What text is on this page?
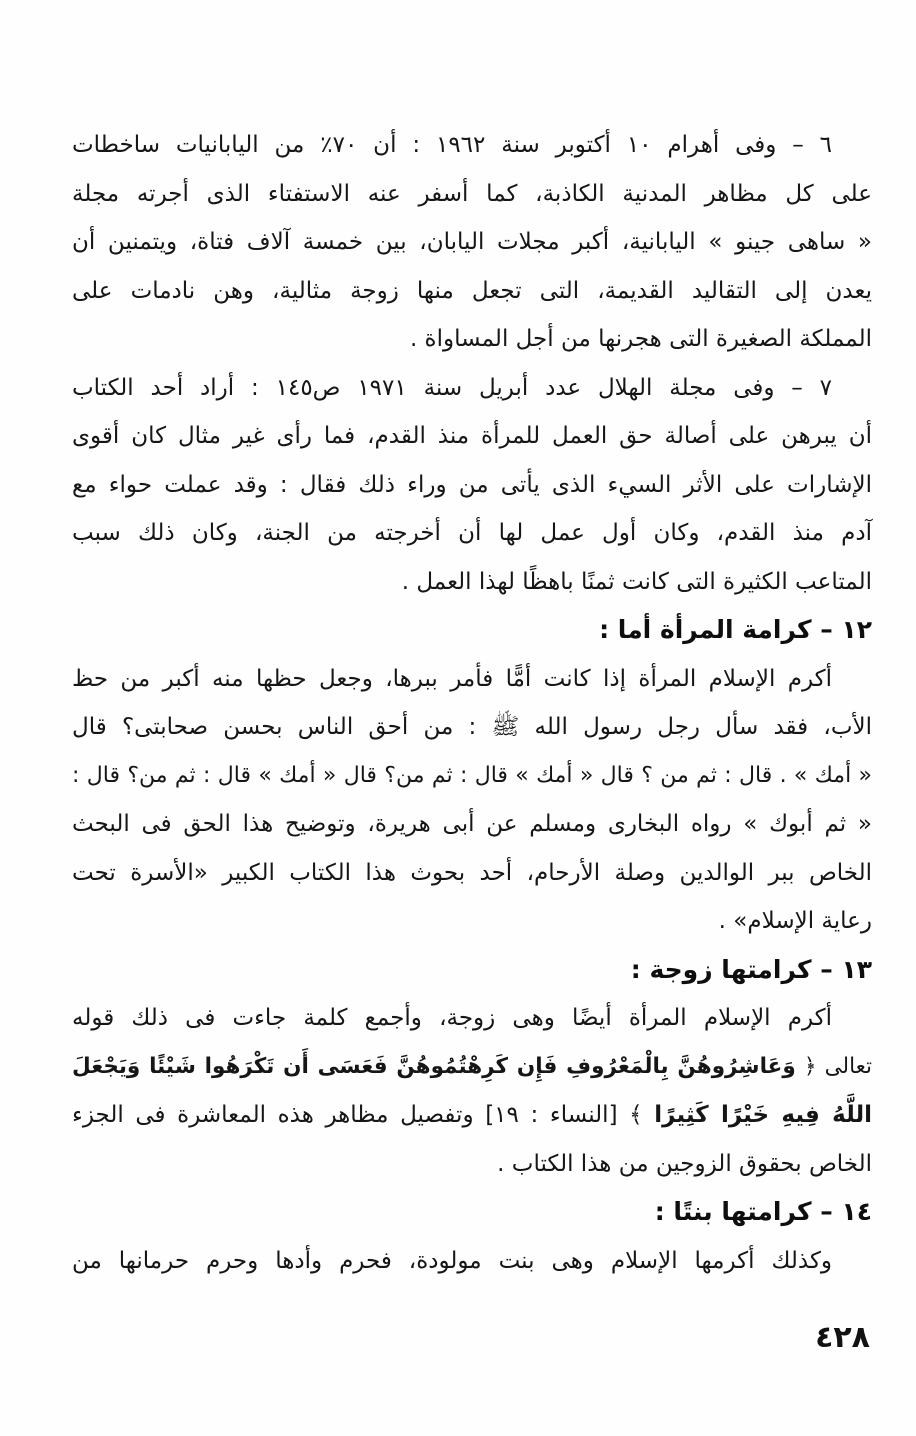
٦ – وفى أهرام ١٠ أكتوبر سنة ١٩٦٢ : أن ٧٠٪ من اليابانيات ساخطات
على كل مظاهر المدنية الكاذبة، كما أسفر عنه الاستفتاء الذى أجرته مجلة
« ساهى جينو » اليابانية، أكبر مجلات اليابان، بين خمسة آلاف فتاة، ويتمنين أن
يعدن إلى التقاليد القديمة، التى تجعل منها زوجة مثالية، وهن نادمات على
المملكة الصغيرة التى هجرنها من أجل المساواة .
٧ – وفى مجلة الهلال عدد أبريل سنة ١٩٧١ ص١٤٥ : أراد أحد الكتاب
أن يبرهن على أصالة حق العمل للمرأة منذ القدم، فما رأى غير مثال كان أقوى
الإشارات على الأثر السيء الذى يأتى من وراء ذلك فقال : وقد عملت حواء مع
آدم منذ القدم، وكان أول عمل لها أن أخرجته من الجنة، وكان ذلك سبب
المتاعب الكثيرة التى كانت ثمنًا باهظًا لهذا العمل .
١٢ – كرامة المرأة أما :
أكرم الإسلام المرأة إذا كانت أمًّا فأمر ببرها، وجعل حظها منه أكبر من حظ
الأب، فقد سأل رجل رسول الله ﷺ : من أحق الناس بحسن صحابتى؟ قال
« أمك » . قال : ثم من ؟ قال « أمك » قال : ثم من؟ قال « أمك » قال : ثم من؟ قال :
« ثم أبوك » رواه البخارى ومسلم عن أبى هريرة، وتوضيح هذا الحق فى البحث
الخاص ببر الوالدين وصلة الأرحام، أحد بحوث هذا الكتاب الكبير «الأسرة تحت
رعاية الإسلام» .
١٣ – كرامتها زوجة :
أكرم الإسلام المرأة أيضًا وهى زوجة، وأجمع كلمة جاءت فى ذلك قوله
تعالى ﴿ وَعَاشِرُوهُنَّ بِالْمَعْرُوفِ فَإِن كَرِهْتُمُوهُنَّ فَعَسَى أَن تَكْرَهُوا شَيْئًا وَيَجْعَلَ
اللَّهُ فِيهِ خَيْرًا كَثِيرًا ﴾ [النساء : ١٩] وتفصيل مظاهر هذه المعاشرة فى الجزء
الخاص بحقوق الزوجين من هذا الكتاب .
١٤ – كرامتها بنتًا :
وكذلك أكرمها الإسلام وهى بنت مولودة، فحرم وأدها وحرم حرمانها من
٤٢٨
